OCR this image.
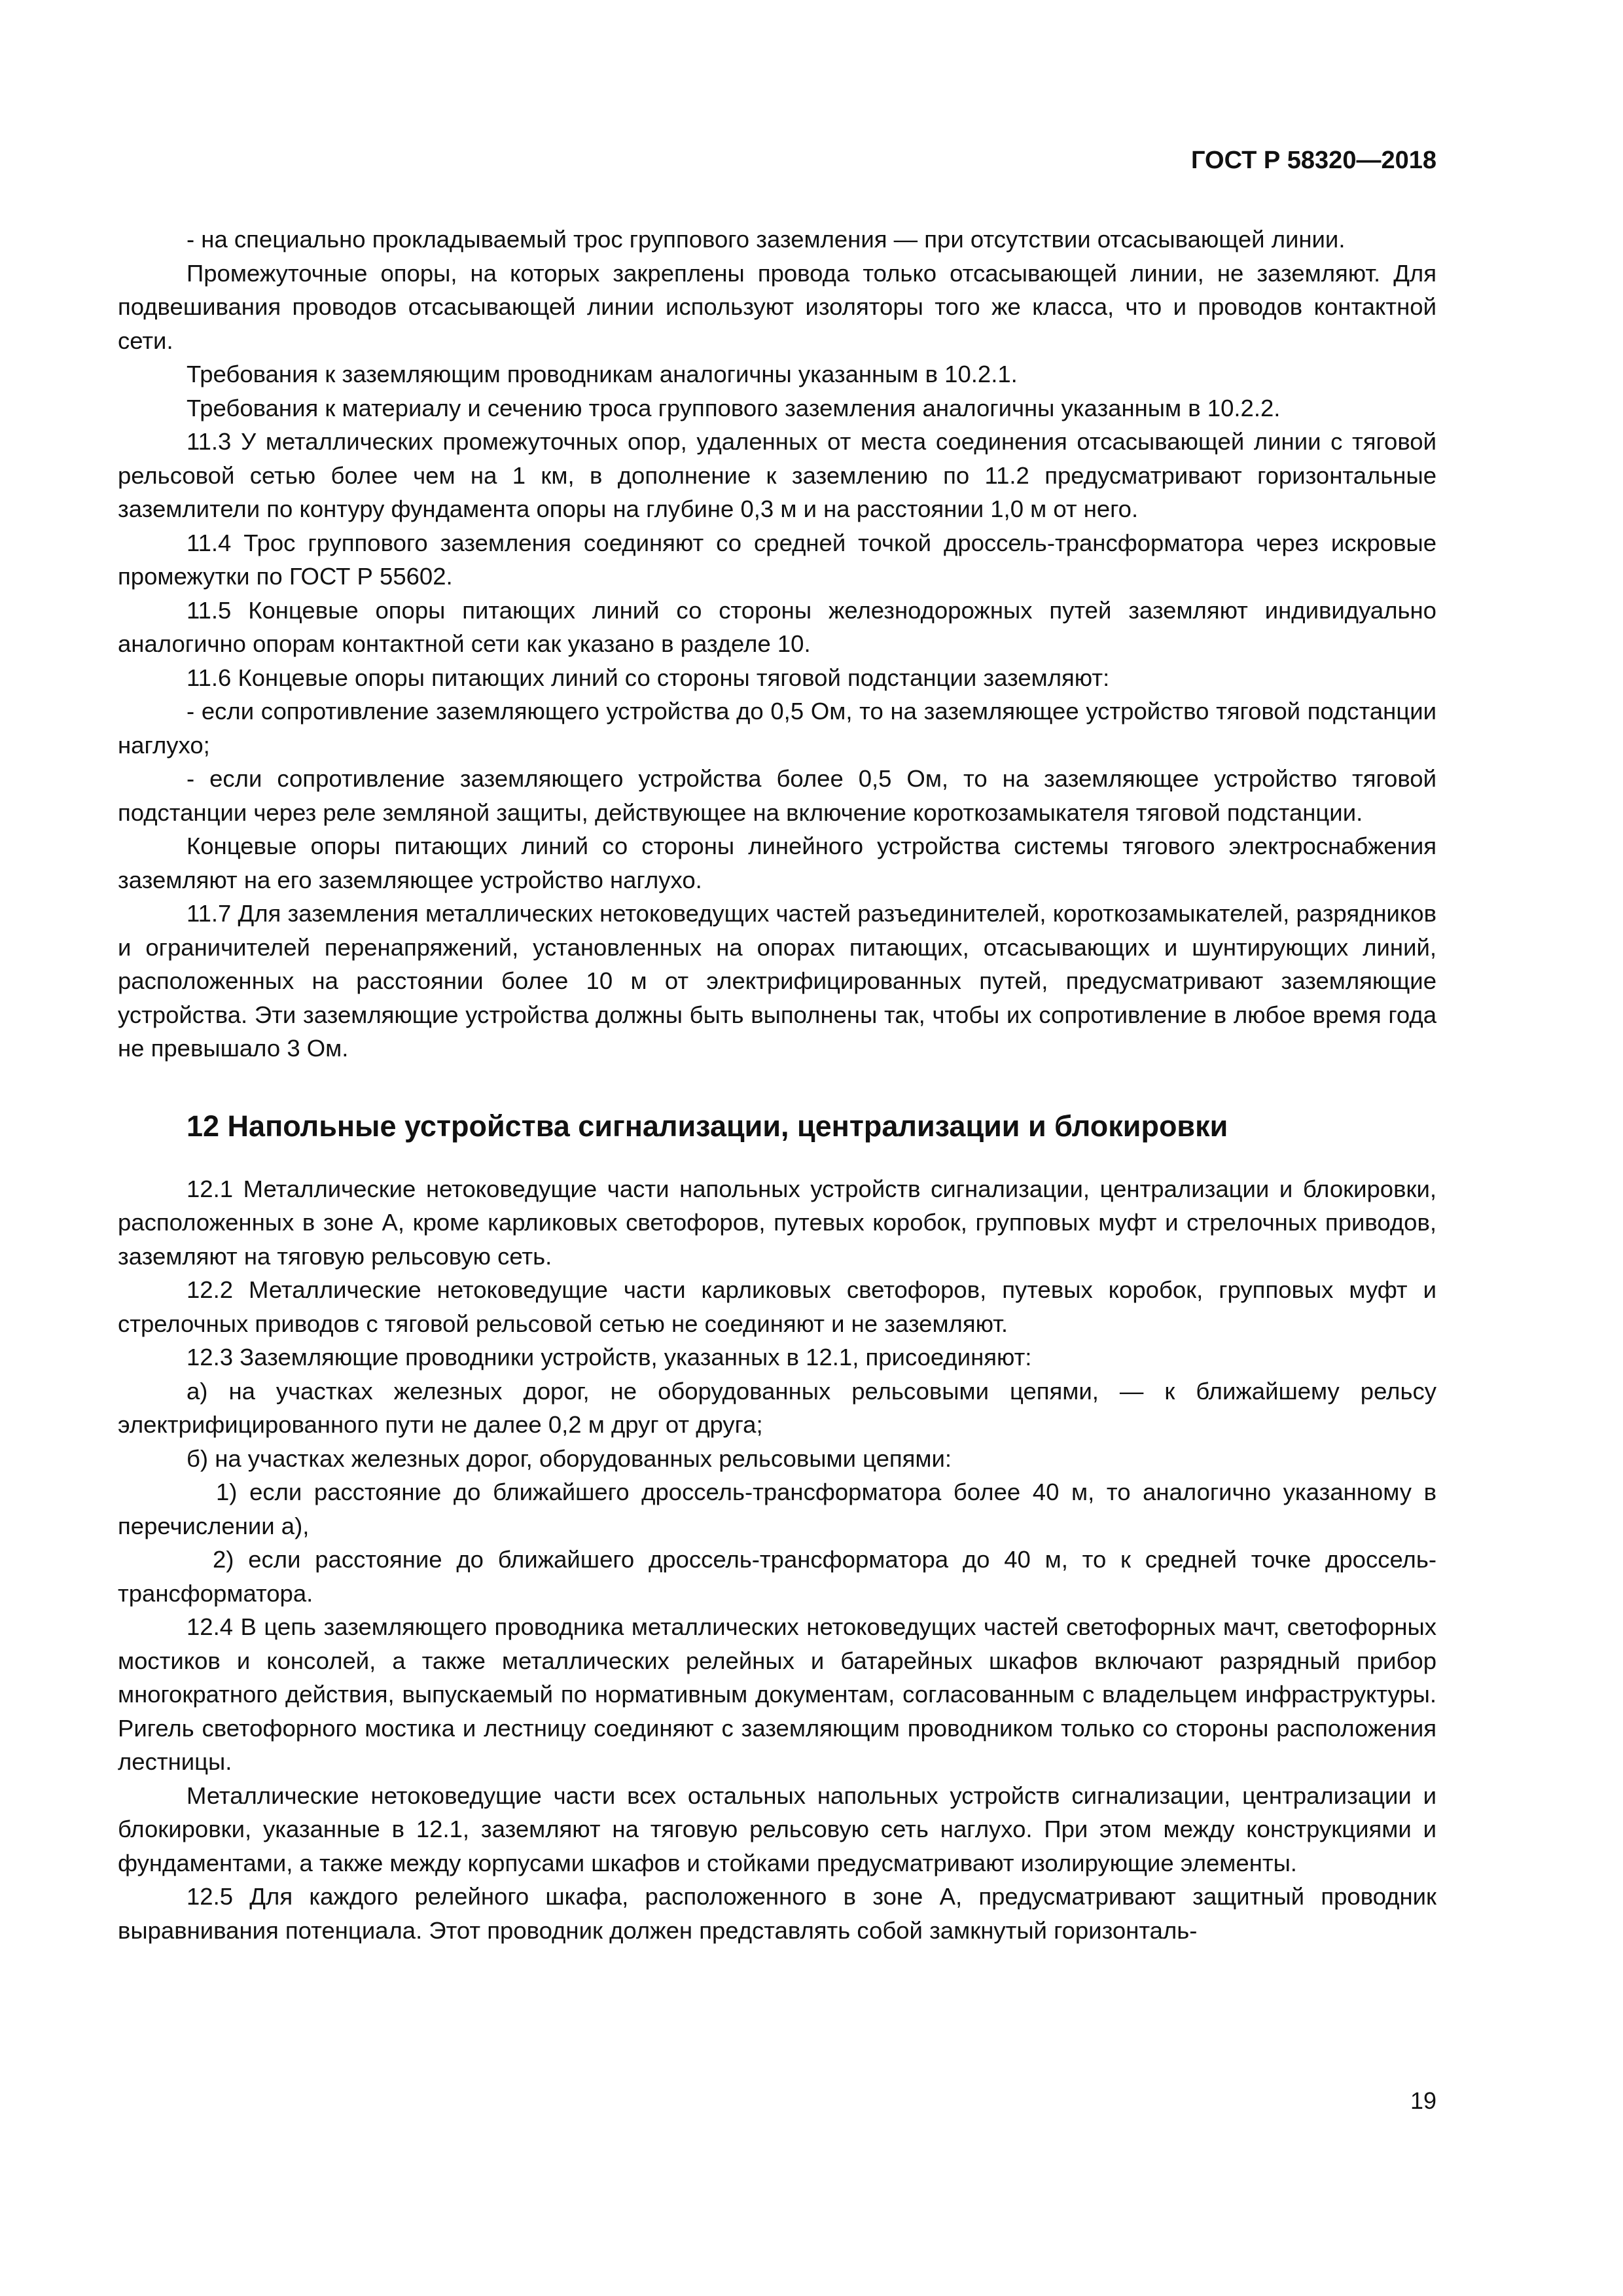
ГОСТ Р 58320—2018

- на специально прокладываемый трос группового заземления — при отсутствии отсасывающей линии.

Промежуточные опоры, на которых закреплены провода только отсасывающей линии, не заземляют. Для подвешивания проводов отсасывающей линии используют изоляторы того же класса, что и проводов контактной сети.

Требования к заземляющим проводникам аналогичны указанным в 10.2.1.

Требования к материалу и сечению троса группового заземления аналогичны указанным в 10.2.2.

11.3 У металлических промежуточных опор, удаленных от места соединения отсасывающей линии с тяговой рельсовой сетью более чем на 1 км, в дополнение к заземлению по 11.2 предусматривают горизонтальные заземлители по контуру фундамента опоры на глубине 0,3 м и на расстоянии 1,0 м от него.

11.4 Трос группового заземления соединяют со средней точкой дроссель-трансформатора через искровые промежутки по ГОСТ Р 55602.

11.5 Концевые опоры питающих линий со стороны железнодорожных путей заземляют индивидуально аналогично опорам контактной сети как указано в разделе 10.

11.6 Концевые опоры питающих линий со стороны тяговой подстанции заземляют:

- если сопротивление заземляющего устройства до 0,5 Ом, то на заземляющее устройство тяговой подстанции наглухо;

- если сопротивление заземляющего устройства более 0,5 Ом, то на заземляющее устройство тяговой подстанции через реле земляной защиты, действующее на включение короткозамыкателя тяговой подстанции.

Концевые опоры питающих линий со стороны линейного устройства системы тягового электроснабжения заземляют на его заземляющее устройство наглухо.

11.7 Для заземления металлических нетоковедущих частей разъединителей, короткозамыкателей, разрядников и ограничителей перенапряжений, установленных на опорах питающих, отсасывающих и шунтирующих линий, расположенных на расстоянии более 10 м от электрифицированных путей, предусматривают заземляющие устройства. Эти заземляющие устройства должны быть выполнены так, чтобы их сопротивление в любое время года не превышало 3 Ом.

12 Напольные устройства сигнализации, централизации и блокировки

12.1 Металлические нетоковедущие части напольных устройств сигнализации, централизации и блокировки, расположенных в зоне А, кроме карликовых светофоров, путевых коробок, групповых муфт и стрелочных приводов, заземляют на тяговую рельсовую сеть.

12.2 Металлические нетоковедущие части карликовых светофоров, путевых коробок, групповых муфт и стрелочных приводов с тяговой рельсовой сетью не соединяют и не заземляют.

12.3 Заземляющие проводники устройств, указанных в 12.1, присоединяют:

а) на участках железных дорог, не оборудованных рельсовыми цепями, — к ближайшему рельсу электрифицированного пути не далее 0,2 м друг от друга;

б) на участках железных дорог, оборудованных рельсовыми цепями:

1) если расстояние до ближайшего дроссель-трансформатора более 40 м, то аналогично указанному в перечислении а),

2) если расстояние до ближайшего дроссель-трансформатора до 40 м, то к средней точке дроссель-трансформатора.

12.4 В цепь заземляющего проводника металлических нетоковедущих частей светофорных мачт, светофорных мостиков и консолей, а также металлических релейных и батарейных шкафов включают разрядный прибор многократного действия, выпускаемый по нормативным документам, согласованным с владельцем инфраструктуры. Ригель светофорного мостика и лестницу соединяют с заземляющим проводником только со стороны расположения лестницы.

Металлические нетоковедущие части всех остальных напольных устройств сигнализации, централизации и блокировки, указанные в 12.1, заземляют на тяговую рельсовую сеть наглухо. При этом между конструкциями и фундаментами, а также между корпусами шкафов и стойками предусматривают изолирующие элементы.

12.5 Для каждого релейного шкафа, расположенного в зоне А, предусматривают защитный проводник выравнивания потенциала. Этот проводник должен представлять собой замкнутый горизонталь-

19
